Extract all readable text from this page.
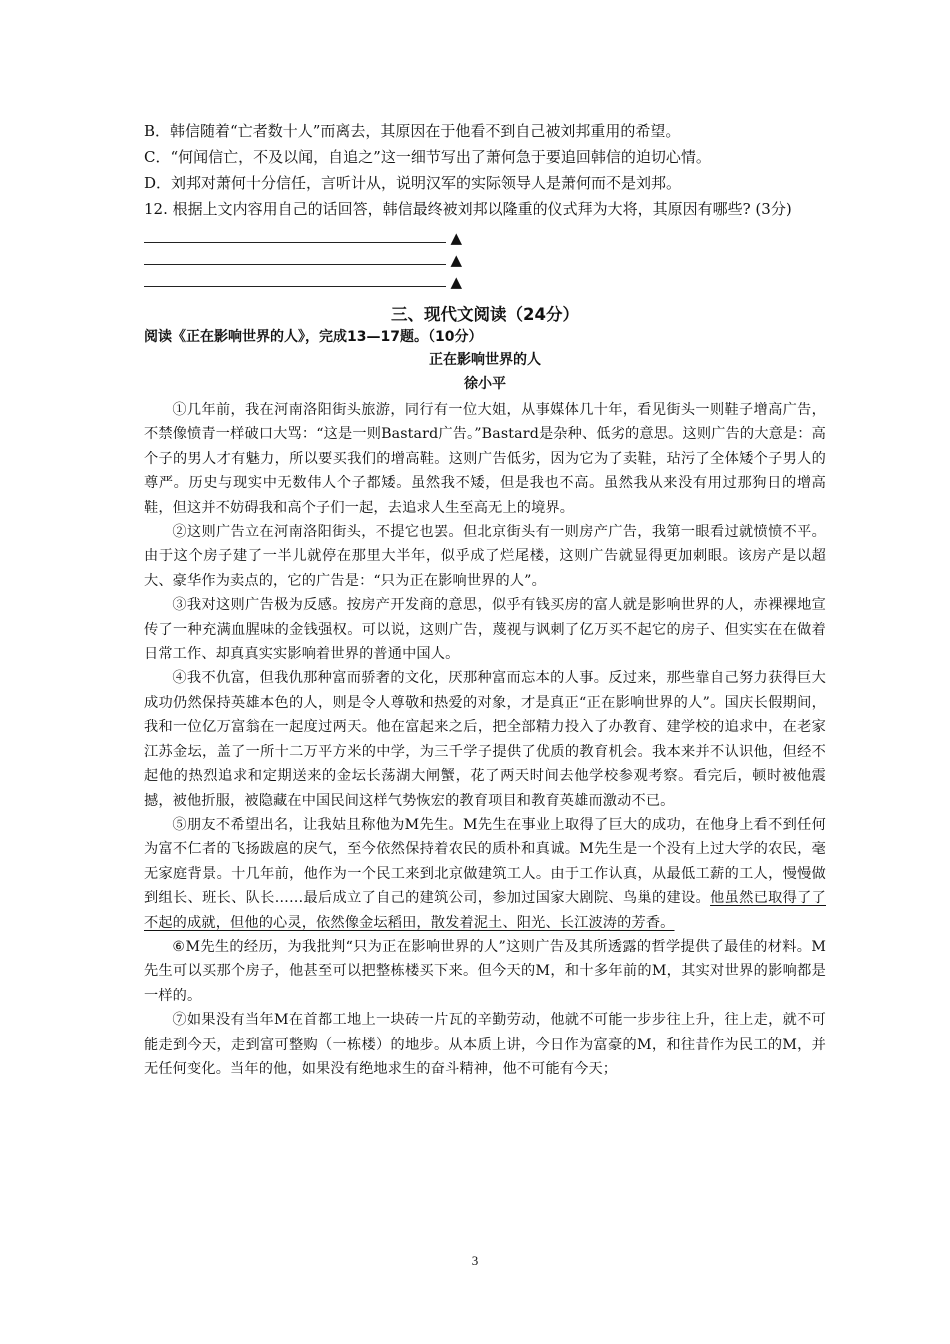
B．韩信随着“亡者数十人”而离去，其原因在于他看不到自己被刘邦重用的希望。

C．“何闻信亡，不及以闻，自追之”这一细节写出了萧何急于要追回韩信的迫切心情。

D．刘邦对萧何十分信任，言听计从，说明汉军的实际领导人是萧何而不是刘邦。

12. 根据上文内容用自己的话回答，韩信最终被刘邦以隆重的仪式拜为大将，其原因有哪些? (3分)

▲
▲
▲

三、现代文阅读（24分）

阅读《正在影响世界的人》，完成13—17题。（10分）

正在影响世界的人

徐小平

①几年前，我在河南洛阳街头旅游，同行有一位大姐，从事媒体几十年，看见街头一则鞋子增高广告，不禁像愤青一样破口大骂：“这是一则Bastard广告。”Bastard是杂种、低劣的意思。这则广告的大意是：高个子的男人才有魅力，所以要买我们的增高鞋。这则广告低劣，因为它为了卖鞋，玷污了全体矮个子男人的尊严。历史与现实中无数伟人个子都矮。虽然我不矮，但是我也不高。虽然我从来没有用过那狗日的增高鞋，但这并不妨碍我和高个子们一起，去追求人生至高无上的境界。

②这则广告立在河南洛阳街头，不提它也罢。但北京街头有一则房产广告，我第一眼看过就愤愤不平。由于这个房子建了一半儿就停在那里大半年，似乎成了烂尾楼，这则广告就显得更加刺眼。该房产是以超大、豪华作为卖点的，它的广告是：“只为正在影响世界的人”。

③我对这则广告极为反感。按房产开发商的意思，似乎有钱买房的富人就是影响世界的人，赤裸裸地宣传了一种充满血腥味的金钱强权。可以说，这则广告，蔑视与讽刺了亿万买不起它的房子、但实实在在做着日常工作、却真真实实影响着世界的普通中国人。

④我不仇富，但我仇那种富而骄奢的文化，厌那种富而忘本的人事。反过来，那些靠自己努力获得巨大成功仍然保持英雄本色的人，则是令人尊敬和热爱的对象，才是真正“正在影响世界的人”。国庆长假期间，我和一位亿万富翁在一起度过两天。他在富起来之后，把全部精力投入了办教育、建学校的追求中，在老家江苏金坛，盖了一所十二万平方米的中学，为三千学子提供了优质的教育机会。我本来并不认识他，但经不起他的热烈追求和定期送来的金坛长荡湖大闸蟹，花了两天时间去他学校参观考察。看完后，顿时被他震撼，被他折服，被隐藏在中国民间这样气势恢宏的教育项目和教育英雄而激动不已。

⑤朋友不希望出名，让我姑且称他为M先生。M先生在事业上取得了巨大的成功，在他身上看不到任何为富不仁者的飞扬跋扈的戾气，至今依然保持着农民的质朴和真诚。M先生是一个没有上过大学的农民，毫无家庭背景。十几年前，他作为一个民工来到北京做建筑工人。由于工作认真，从最低工薪的工人，慢慢做到组长、班长、队长……最后成立了自己的建筑公司，参加过国家大剧院、鸟巢的建设。他虽然已取得了了不起的成就，但他的心灵，依然像金坛稻田，散发着泥土、阳光、长江波涛的芳香。

⑥M先生的经历，为我批判“只为正在影响世界的人”这则广告及其所透露的哲学提供了最佳的材料。M先生可以买那个房子，他甚至可以把整栋楼买下来。但今天的M，和十多年前的M，其实对世界的影响都是一样的。

⑦如果没有当年M在首都工地上一块砖一片瓦的辛勤劳动，他就不可能一步步往上升，往上走，就不可能走到今天，走到富可整购（一栋楼）的地步。从本质上讲，今日作为富豪的M，和往昔作为民工的M，并无任何变化。当年的他，如果没有绝地求生的奋斗精神，他不可能有今天；

3
